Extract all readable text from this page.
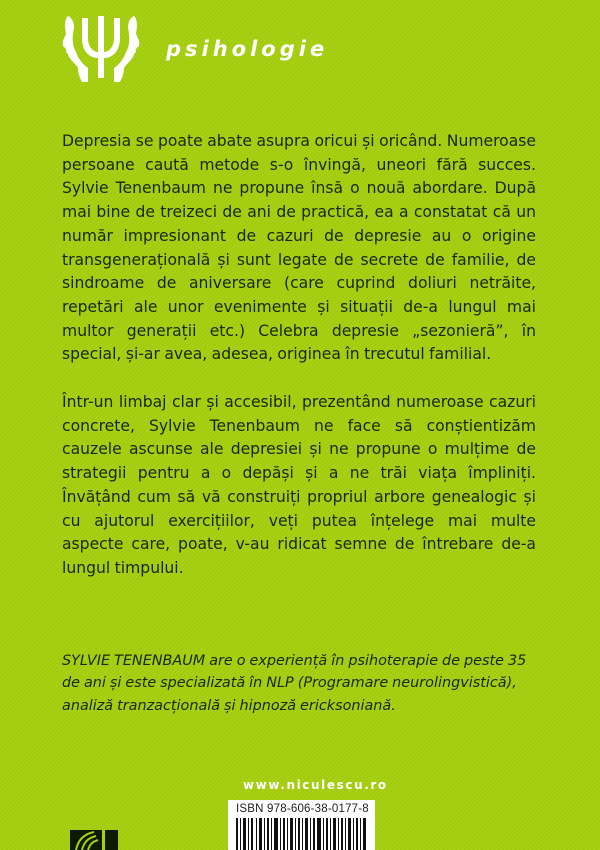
psihologie

Depresia se poate abate asupra oricui și oricând. Numeroase persoane caută metode s-o învingă, uneori fără succes. Sylvie Tenenbaum ne propune însă o nouă abordare. După mai bine de treizeci de ani de practică, ea a constatat că un număr impresionant de cazuri de depresie au o origine transgenerațională și sunt legate de secrete de familie, de sindroame de aniversare (care cuprind doliuri netrăite, repetări ale unor evenimente și situații de-a lungul mai multor generații etc.) Celebra depresie „sezonieră”, în special, și-ar avea, adesea, originea în trecutul familial.

Într-un limbaj clar și accesibil, prezentând numeroase cazuri concrete, Sylvie Tenenbaum ne face să conștientizăm cauzele ascunse ale depresiei și ne propune o mulțime de strategii pentru a o depăși și a ne trăi viața împliniți. Învățând cum să vă construiți propriul arbore genealogic și cu ajutorul exercițiilor, veți putea înțelege mai multe aspecte care, poate, v-au ridicat semne de întrebare de-a lungul timpului.

SYLVIE TENENBAUM are o experiență în psihoterapie de peste 35 de ani și este specializată în NLP (Programare neurolingvistică), analiză tranzacțională și hipnoză ericksoniană.

www.niculescu.ro
ISBN 978-606-38-0177-8
